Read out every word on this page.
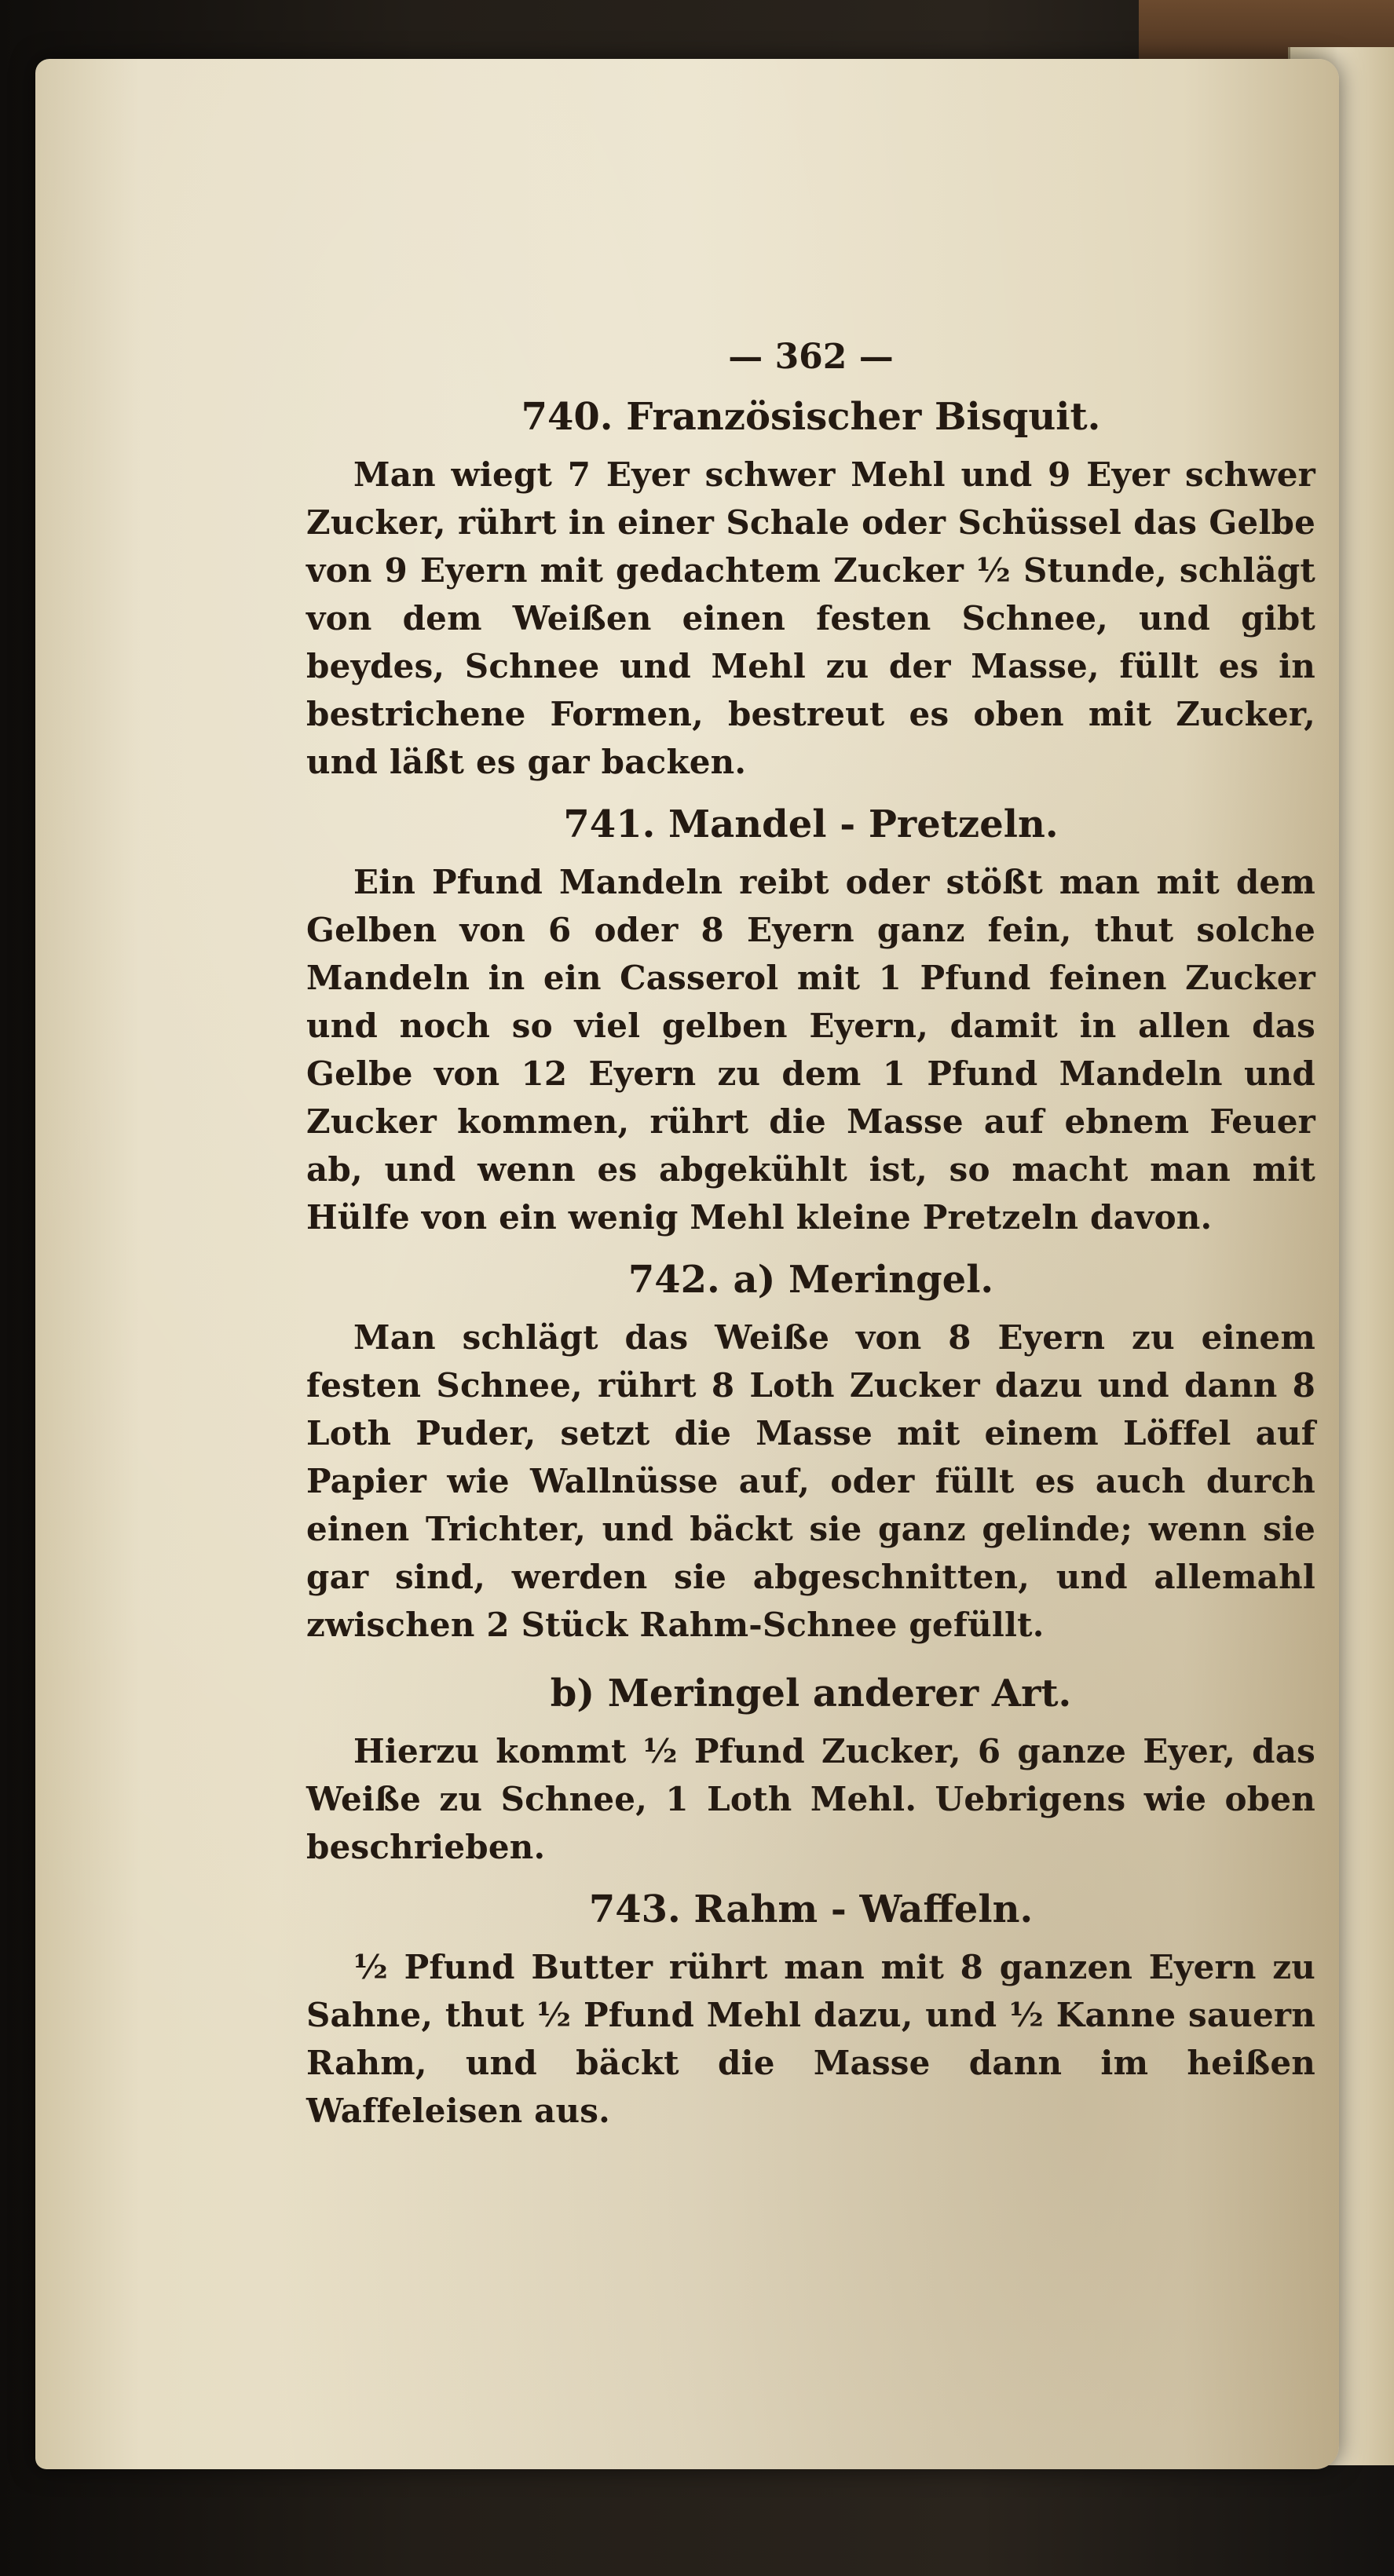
— 362 —
740. Französischer Bisquit.

Man wiegt 7 Eyer schwer Mehl und 9 Eyer schwer Zucker, rührt in einer Schale oder Schüssel das Gelbe von 9 Eyern mit gedachtem Zucker ½ Stunde, schlägt von dem Weißen einen festen Schnee, und gibt beydes, Schnee und Mehl zu der Masse, füllt es in bestrichene Formen, bestreut es oben mit Zucker, und läßt es gar backen.

741. Mandel - Pretzeln.

Ein Pfund Mandeln reibt oder stößt man mit dem Gelben von 6 oder 8 Eyern ganz fein, thut solche Mandeln in ein Casserol mit 1 Pfund feinen Zucker und noch so viel gelben Eyern, damit in allen das Gelbe von 12 Eyern zu dem 1 Pfund Mandeln und Zucker kommen, rührt die Masse auf ebnem Feuer ab, und wenn es abgekühlt ist, so macht man mit Hülfe von ein wenig Mehl kleine Pretzeln davon.

742. a) Meringel.

Man schlägt das Weiße von 8 Eyern zu einem festen Schnee, rührt 8 Loth Zucker dazu und dann 8 Loth Puder, setzt die Masse mit einem Löffel auf Papier wie Wallnüsse auf, oder füllt es auch durch einen Trichter, und bäckt sie ganz gelinde; wenn sie gar sind, werden sie abgeschnitten, und allemahl zwischen 2 Stück Rahm-Schnee gefüllt.

b) Meringel anderer Art.

Hierzu kommt ½ Pfund Zucker, 6 ganze Eyer, das Weiße zu Schnee, 1 Loth Mehl. Uebrigens wie oben beschrieben.

743. Rahm - Waffeln.

½ Pfund Butter rührt man mit 8 ganzen Eyern zu Sahne, thut ½ Pfund Mehl dazu, und ½ Kanne sauern Rahm, und bäckt die Masse dann im heißen Waffeleisen aus.
